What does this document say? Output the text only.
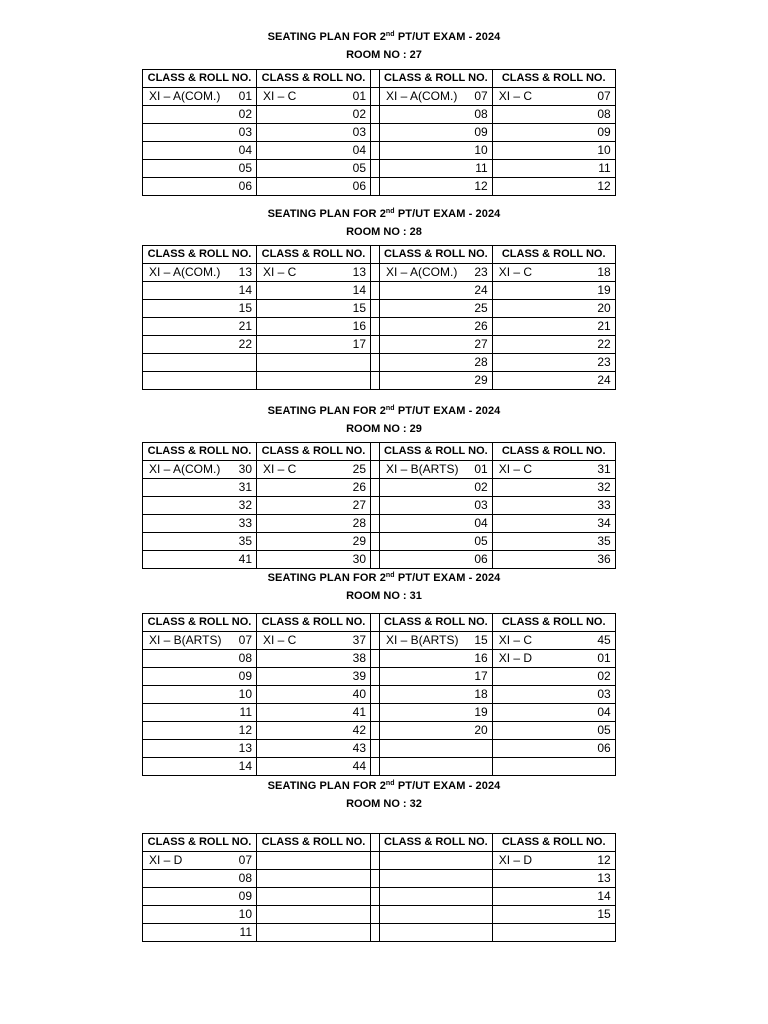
SEATING PLAN FOR 2nd PT/UT EXAM - 2024
ROOM NO : 27
CLASS & ROLL NO.	CLASS & ROLL NO.		CLASS & ROLL NO.	CLASS & ROLL NO.

XI – A(COM.) 01	XI – C 01		XI – A(COM.) 07	XI – C 07

02	02		08	08

03	03		09	09

04	04		10	10

05	05		11	11

06	06		12	12
SEATING PLAN FOR 2nd PT/UT EXAM - 2024
ROOM NO : 28
CLASS & ROLL NO.	CLASS & ROLL NO.		CLASS & ROLL NO.	CLASS & ROLL NO.

XI – A(COM.) 13	XI – C 13		XI – A(COM.) 23	XI – C 18

14	14		24	19

15	15		25	20

21	16		26	21

22	17		27	22

			28	23

			29	24
SEATING PLAN FOR 2nd PT/UT EXAM - 2024
ROOM NO : 29
CLASS & ROLL NO.	CLASS & ROLL NO.		CLASS & ROLL NO.	CLASS & ROLL NO.

XI – A(COM.) 30	XI – C 25		XI – B(ARTS) 01	XI – C 31

31	26		02	32

32	27		03	33

33	28		04	34

35	29		05	35

41	30		06	36
SEATING PLAN FOR 2nd PT/UT EXAM - 2024
ROOM NO : 31
CLASS & ROLL NO.	CLASS & ROLL NO.		CLASS & ROLL NO.	CLASS & ROLL NO.

XI – B(ARTS) 07	XI – C 37		XI – B(ARTS) 15	XI – C 45

08	38		16	XI – D 01

09	39		17	02

10	40		18	03

11	41		19	04

12	42		20	05

13	43			06

14	44			

SEATING PLAN FOR 2nd PT/UT EXAM - 2024
ROOM NO : 32
CLASS & ROLL NO.	CLASS & ROLL NO.		CLASS & ROLL NO.	CLASS & ROLL NO.

XI – D 07				XI – D 12

08				13

09				14

10				15

11				
